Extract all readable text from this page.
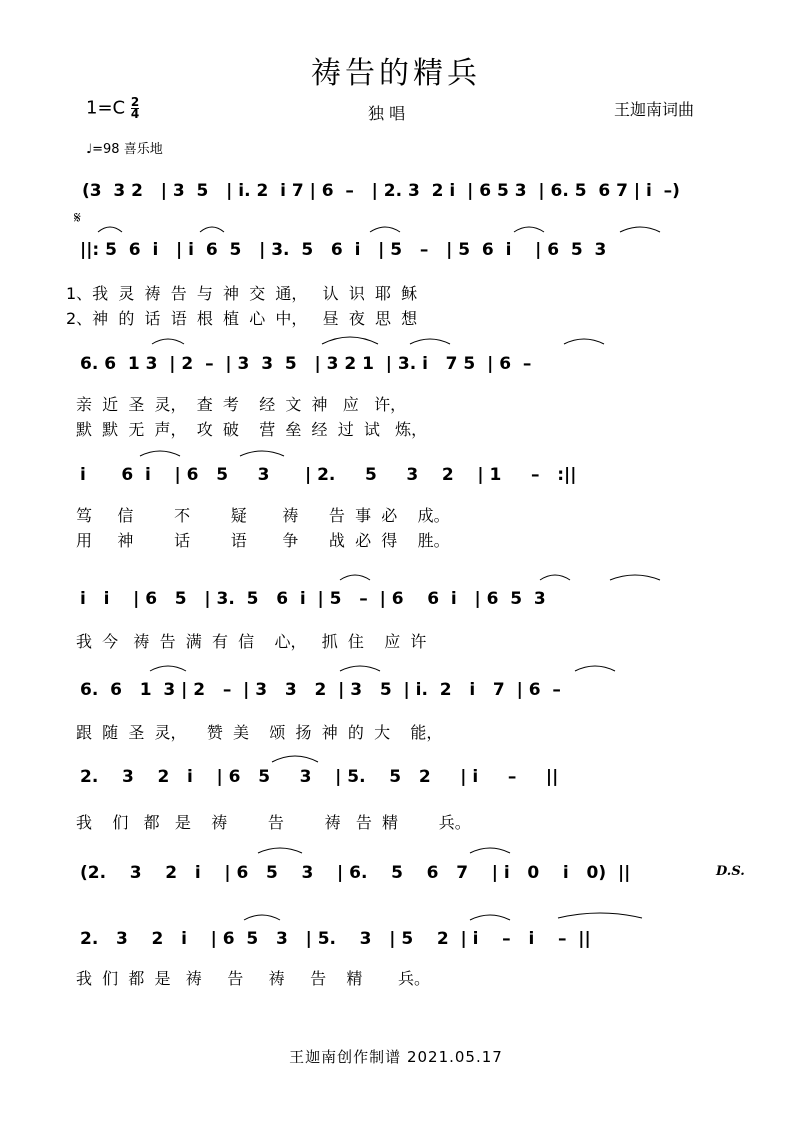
祷告的精兵
$1=C \frac{2}{4}$	独 唱	王迦南词曲
♩=98 喜乐地
(3  3 2   | 3  5   | i. 2  i 7 | 6  –   | 2. 3  2 i  | 6 5 3  | 6. 5  6 7 | i  –)
𝄋
||: 5  6  i   | i  6  5   | 3.  5   6  i   | 5   –   | 5  6  i    | 6  5  3
1、我  灵  祷  告  与  神  交  通，   认  识  耶  稣
2、神  的  话  语  根  植  心  中，   昼  夜  思  想
6. 6  1 3  | 2  –  | 3  3  5   | 3 2 1  | 3. i   7 5  | 6  –
亲  近  圣  灵，  查  考    经  文  神   应   许，
默  默  无  声，  攻  破    营  垒  经  过  试   炼，
i      6  i    | 6   5     3      | 2.     5     3    2    | 1     –   :||
笃     信        不        疑       祷      告  事  必    成。
用     神        话        语       争      战  必  得    胜。
i   i    | 6   5   | 3.  5   6  i  | 5   –  | 6    6  i   | 6  5  3
我  今   祷  告  满  有  信    心，   抓  住    应  许
6.  6   1  3 | 2   –  | 3   3   2  | 3   5  | i.  2   i   7  | 6  –
跟  随  圣  灵，    赞  美    颂  扬  神  的  大    能，
2.    3    2   i    | 6   5     3    | 5.    5   2     | i     –     ||
我    们   都   是    祷        告        祷   告  精        兵。
(2.    3    2   i    | 6   5    3    | 6.    5    6   7    | i   0    i   0)  ||	D.S.
2.   3    2   i    | 6  5   3   | 5.    3   | 5    2  | i    –   i    –  ||
我  们  都  是   祷     告     祷     告    精       兵。
王迦南创作制谱 2021.05.17
